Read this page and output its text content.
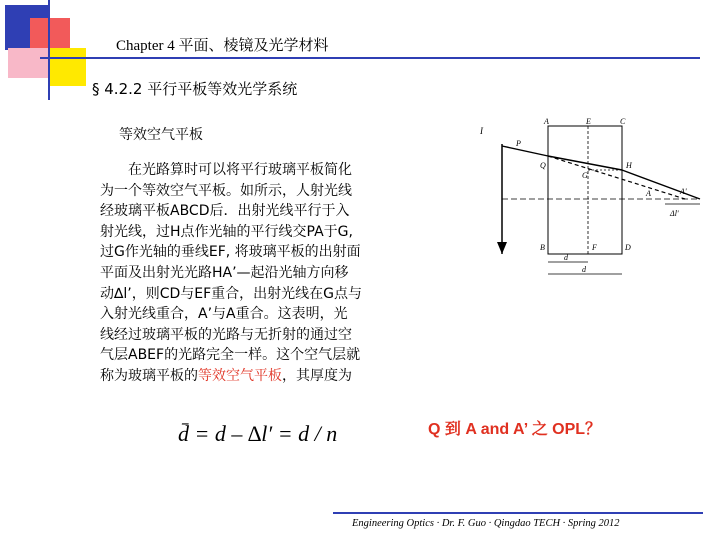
Chapter 4 平面、棱镜及光学材料
§ 4.2.2 平行平板等效光学系统
等效空气平板
在光路算时可以将平行玻璃平板简化
为一个等效空气平板。如所示，人射光线
经玻璃平板ABCD后．出射光线平行于入
射光线，过H点作光轴的平行线交PA于G,
过G作光轴的垂线EF, 将玻璃平板的出射面
平面及出射光光路HA’—起沿光轴方向移
动∆l’，则CD与EF重合，出射光线在G点与
入射光线重合，A’与A重合。这表明，光
线经过玻璃平板的光路与无折射的通过空
气层ABEF的光路完全一样。这个空气层就
称为玻璃平板的等效空气平板，其厚度为
d̄ = d – ∆l′ = d / n	Q 到 A and A’ 之 OPL？
I
A	E	C
P
Q
G
H
A	A'
Δl'
B	F	D
d̄
d
Engineering Optics · Dr. F. Guo · Qingdao TECH · Spring 2012
